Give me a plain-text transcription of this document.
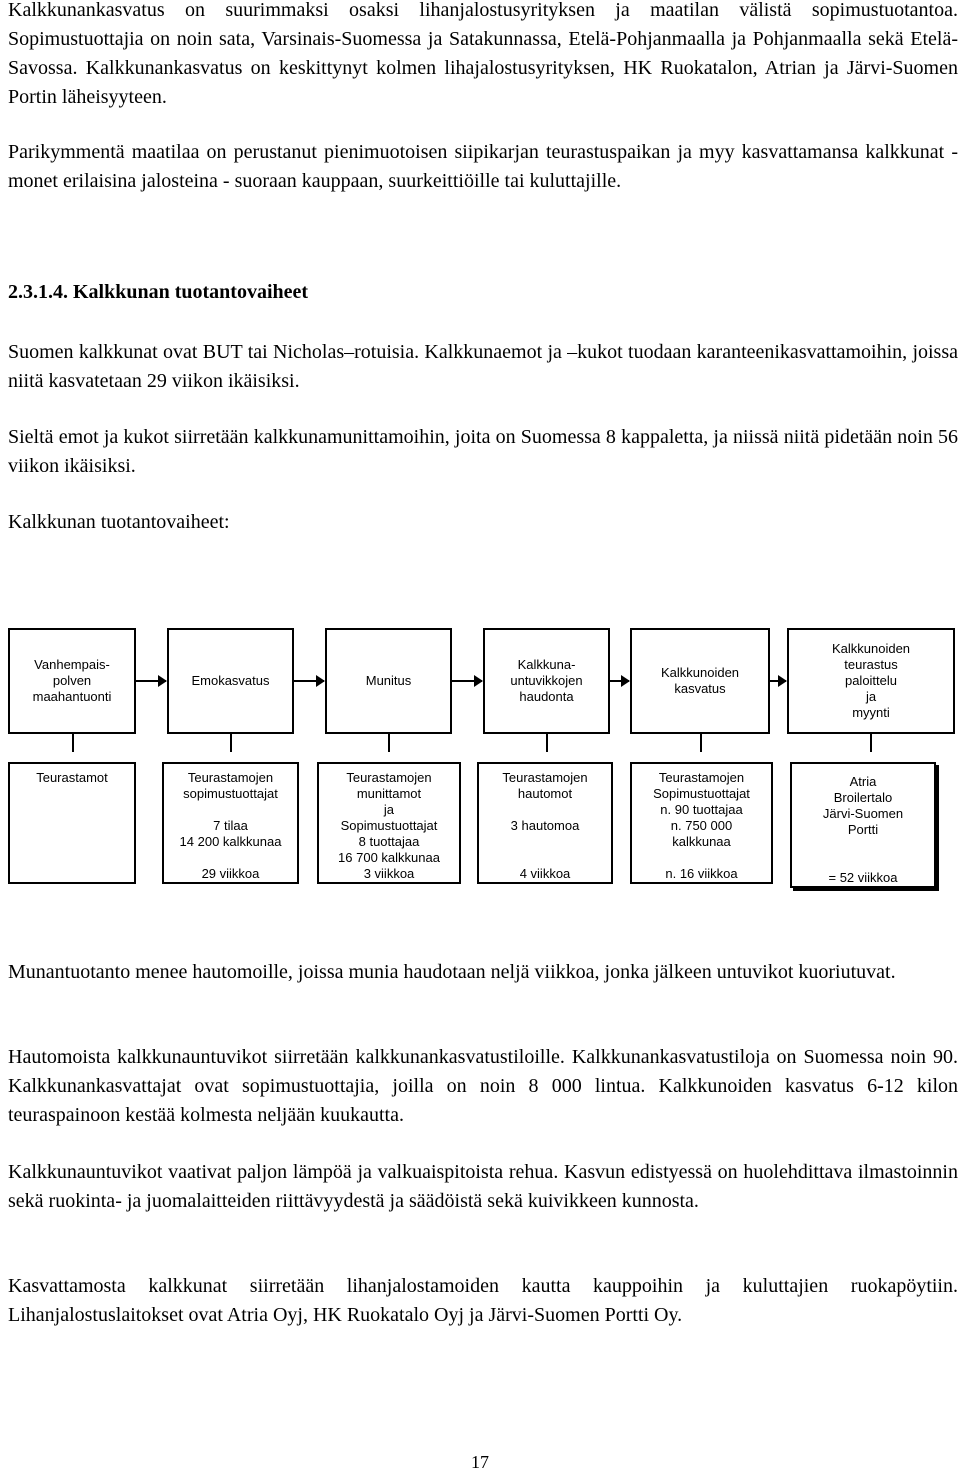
Kalkkunankasvatus on suurimmaksi osaksi lihanjalostusyrityksen ja maatilan välistä sopimustuotantoa. Sopimustuottajia on noin sata, Varsinais-Suomessa ja Satakunnassa, Etelä-Pohjanmaalla ja Pohjanmaalla sekä Etelä-Savossa. Kalkkunankasvatus on keskittynyt kolmen lihajalostusyrityksen, HK Ruokatalon, Atrian ja Järvi-Suomen Portin läheisyyteen.

Parikymmentä maatilaa on perustanut pienimuotoisen siipikarjan teurastuspaikan ja myy kasvattamansa kalkkunat - monet erilaisina jalosteina - suoraan kauppaan, suurkeittiöille tai kuluttajille.

2.3.1.4. Kalkkunan tuotantovaiheet

Suomen kalkkunat ovat BUT tai Nicholas–rotuisia. Kalkkunaemot ja –kukot tuodaan karanteenikasvattamoihin, joissa niitä kasvatetaan 29 viikon ikäisiksi.

Sieltä emot ja kukot siirretään kalkkunamunittamoihin, joita on Suomessa 8 kappaletta, ja niissä niitä pidetään noin 56 viikon ikäisiksi.

Kalkkunan tuotantovaiheet:

Vanhempais-
polven
maahantuonti
Emokasvatus	Munitus
Kalkkuna-
untuvikkojen
haudonta
Kalkkunoiden
kasvatus
Kalkkunoiden
teurastus
paloittelu
ja
myynti
Teurastamot	Teurastamojen
sopimustuottajat

7 tilaa
14 200 kalkkunaa

29 viikkoa
Teurastamojen
munittamot
ja
Sopimustuottajat
8 tuottajaa
16 700 kalkkunaa
3 viikkoa
Teurastamojen
hautomot

3 hautomoa

4 viikkoa
Teurastamojen
Sopimustuottajat
n. 90 tuottajaa
n. 750 000
kalkkunaa

n. 16 viikkoa
Atria
Broilertalo
Järvi-Suomen
Portti

= 52 viikkoa

Munantuotanto menee hautomoille, joissa munia haudotaan neljä viikkoa, jonka jälkeen untuvikot kuoriutuvat.

Hautomoista kalkkunauntuvikot siirretään kalkkunankasvatustiloille. Kalkkunankasvatustiloja on Suomessa noin 90. Kalkkunankasvattajat ovat sopimustuottajia, joilla on noin 8 000 lintua. Kalkkunoiden kasvatus 6-12 kilon teuraspainoon kestää kolmesta neljään kuukautta.

Kalkkunauntuvikot vaativat paljon lämpöä ja valkuaispitoista rehua. Kasvun edistyessä on huolehdittava ilmastoinnin sekä ruokinta- ja juomalaitteiden riittävyydestä ja säädöistä sekä kuivikkeen kunnosta.

Kasvattamosta kalkkunat siirretään lihanjalostamoiden kautta kauppoihin ja kuluttajien ruokapöytiin. Lihanjalostuslaitokset ovat Atria Oyj, HK Ruokatalo Oyj ja Järvi-Suomen Portti Oy.

17
